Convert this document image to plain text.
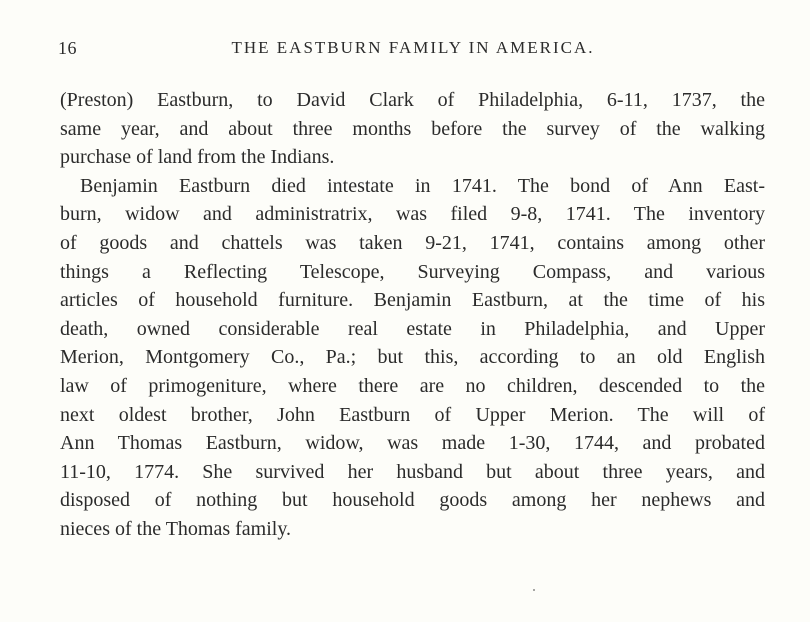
16	THE EASTBURN FAMILY IN AMERICA.
(Preston) Eastburn, to David Clark of Philadelphia, 6-11, 1737, the
same year, and about three months before the survey of the walking
purchase of land from the Indians.
Benjamin Eastburn died intestate in 1741. The bond of Ann East-
burn, widow and administratrix, was filed 9-8, 1741. The inventory
of goods and chattels was taken 9-21, 1741, contains among other
things a Reflecting Telescope, Surveying Compass, and various
articles of household furniture. Benjamin Eastburn, at the time of his
death, owned considerable real estate in Philadelphia, and Upper
Merion, Montgomery Co., Pa.; but this, according to an old English
law of primogeniture, where there are no children, descended to the
next oldest brother, John Eastburn of Upper Merion. The will of
Ann Thomas Eastburn, widow, was made 1-30, 1744, and probated
11-10, 1774. She survived her husband but about three years, and
disposed of nothing but household goods among her nephews and
nieces of the Thomas family.
